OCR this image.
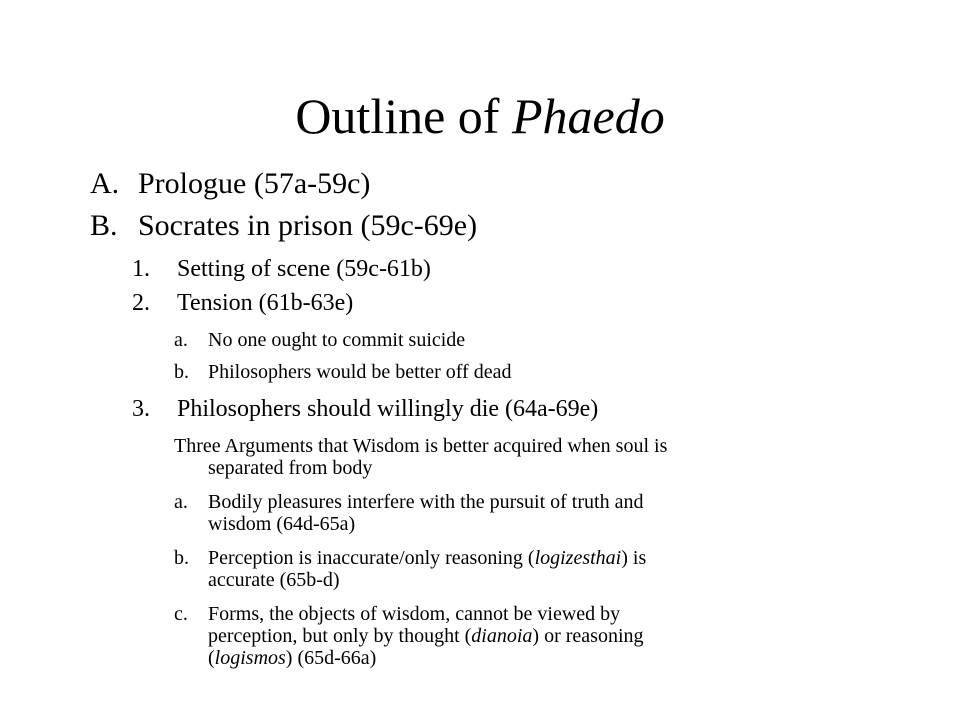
Outline of Phaedo
A. Prologue (57a-59c)
B. Socrates in prison (59c-69e)
1. Setting of scene (59c-61b)
2. Tension (61b-63e)
a. No one ought to commit suicide
b. Philosophers would be better off dead
3. Philosophers should willingly die (64a-69e)
Three Arguments that Wisdom is better acquired when soul is
separated from body
a. Bodily pleasures interfere with the pursuit of truth and
wisdom (64d-65a)
b. Perception is inaccurate/only reasoning (logizesthai) is
accurate (65b-d)
c. Forms, the objects of wisdom, cannot be viewed by
perception, but only by thought (dianoia) or reasoning
(logismos) (65d-66a)
